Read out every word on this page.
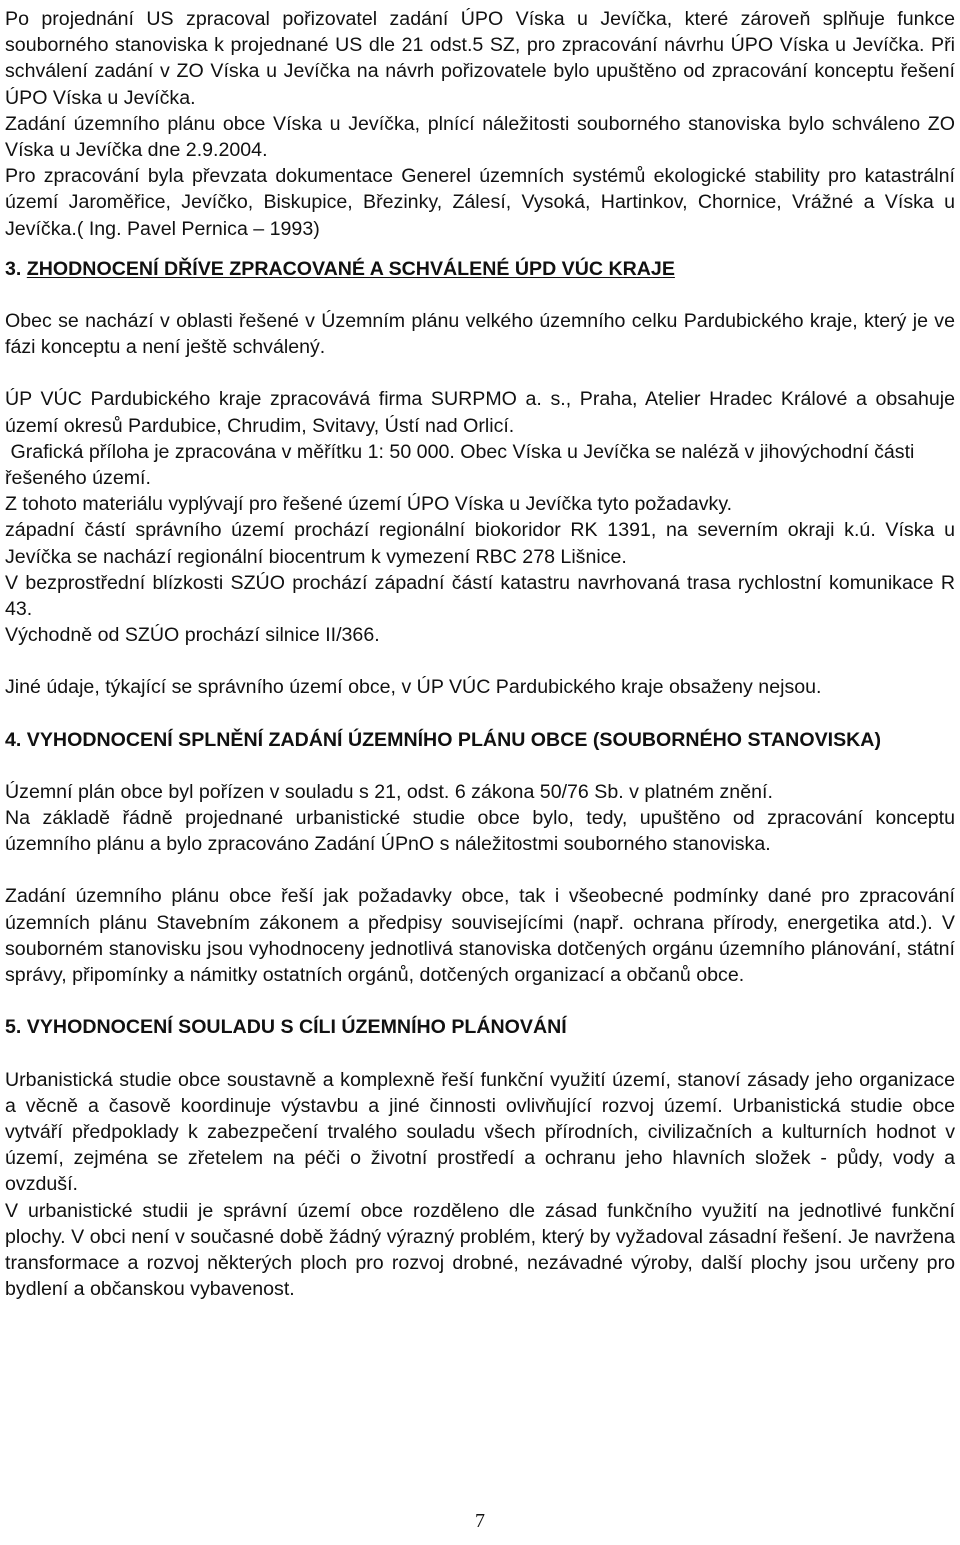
Po projednání US zpracoval pořizovatel zadání ÚPO Víska u Jevíčka, které zároveň splňuje funkce souborného stanoviska k projednané US dle 21 odst.5 SZ, pro zpracování návrhu ÚPO Víska u Jevíčka. Při schválení zadání v ZO Víska u Jevíčka na návrh pořizovatele bylo upuštěno od zpracování konceptu řešení ÚPO Víska u Jevíčka.

Zadání územního plánu obce Víska u Jevíčka, plnící náležitosti souborného stanoviska bylo schváleno ZO Víska u Jevíčka dne 2.9.2004.

Pro zpracování byla převzata dokumentace Generel územních systémů ekologické stability pro katastrální území Jaroměřice, Jevíčko, Biskupice, Březinky, Zálesí, Vysoká, Hartinkov, Chornice, Vrážné a Víska u Jevíčka.( Ing. Pavel Pernica – 1993)

3. ZHODNOCENÍ DŘÍVE ZPRACOVANÉ A SCHVÁLENÉ ÚPD VÚC KRAJE

Obec se nachází v oblasti řešené v Územním plánu velkého územního celku Pardubického kraje, který je ve fázi konceptu a není ještě schválený.

ÚP VÚC Pardubického kraje zpracovává firma SURPMO a. s., Praha, Atelier Hradec Králové a obsahuje území okresů Pardubice, Chrudim, Svitavy, Ústí nad Orlicí.

Grafická příloha je zpracována v měřítku 1: 50 000. Obec Víska u Jevíčka se naléză v jihovýchodní části řešeného území.

Z tohoto materiálu vyplývají pro řešené území ÚPO Víska u Jevíčka tyto požadavky.

západní částí správního území prochází regionální biokoridor RK 1391, na severním okraji k.ú. Víska u Jevíčka se nachází regionální biocentrum k vymezení RBC 278 Lišnice.

V bezprostřední blízkosti SZÚO prochází západní částí katastru navrhovaná trasa rychlostní komunikace R 43.

Východně od SZÚO prochází silnice II/366.

Jiné údaje, týkající se správního území obce, v ÚP VÚC Pardubického kraje obsaženy nejsou.

4. VYHODNOCENÍ SPLNĚNÍ ZADÁNÍ ÚZEMNÍHO PLÁNU OBCE (SOUBORNÉHO STANOVISKA)

Územní plán obce byl pořízen v souladu s 21, odst. 6 zákona 50/76 Sb. v platném znění.

Na základě řádně projednané urbanistické studie obce bylo, tedy, upuštěno od zpracování konceptu územního plánu a bylo zpracováno Zadání ÚPnO s náležitostmi souborného stanoviska.

Zadání územního plánu obce řeší jak požadavky obce, tak i všeobecné podmínky dané pro zpracování územních plánu Stavebním zákonem a předpisy souvisejícími (např. ochrana přírody, energetika atd.). V souborném stanovisku jsou vyhodnoceny jednotlivá stanoviska dotčených orgánu územního plánování, státní správy, připomínky a námitky ostatních orgánů, dotčených organizací a občanů obce.

5. VYHODNOCENÍ SOULADU S CÍLI ÚZEMNÍHO PLÁNOVÁNÍ

Urbanistická studie obce soustavně a komplexně řeší funkční využití území, stanoví zásady jeho organizace a věcně a časově koordinuje výstavbu a jiné činnosti ovlivňující rozvoj území. Urbanistická studie obce vytváří předpoklady k zabezpečení trvalého souladu všech přírodních, civilizačních a kulturních hodnot v území, zejména se zřetelem na péči o životní prostředí a ochranu jeho hlavních složek - půdy, vody a ovzduší.

V urbanistické studii je správní území obce rozděleno dle zásad funkčního využití na jednotlivé funkční plochy. V obci není v současné době žádný výrazný problém, který by vyžadoval zásadní řešení. Je navržena transformace a rozvoj některých ploch pro rozvoj drobné, nezávadné výroby, další plochy jsou určeny pro bydlení a občanskou vybavenost.

7
